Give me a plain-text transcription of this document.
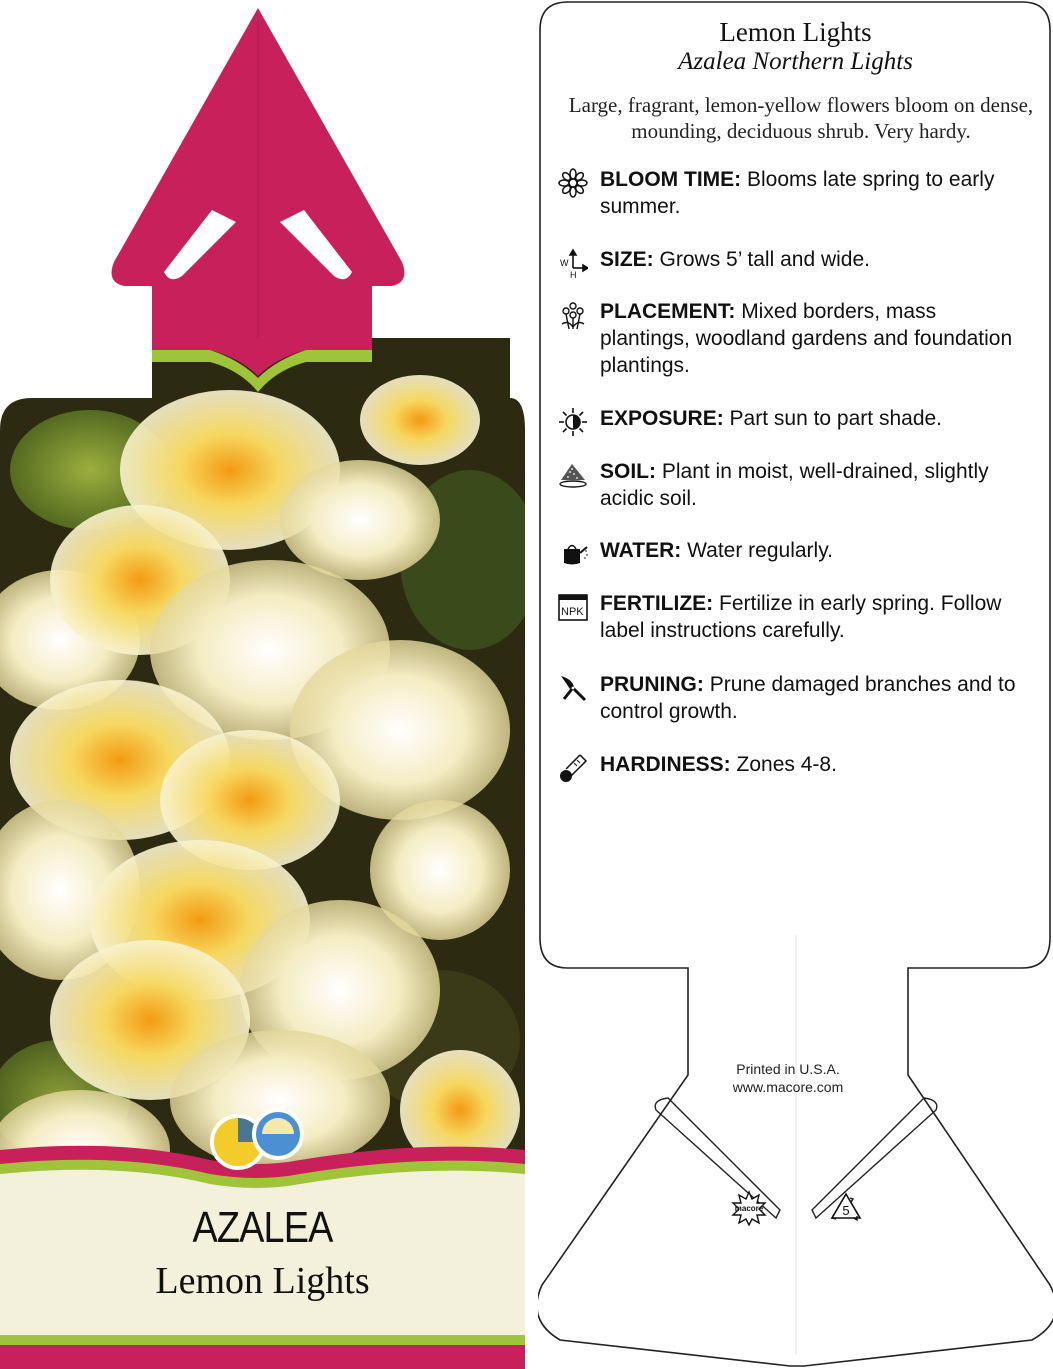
AZALEA
Lemon Lights
Lemon Lights
Azalea Northern Lights
Large, fragrant, lemon-yellow flowers bloom on dense, mounding, deciduous shrub. Very hardy.
BLOOM TIME: Blooms late spring to early summer.
W
H
SIZE: Grows 5’ tall and wide.
PLACEMENT: Mixed borders, mass plantings, woodland gardens and foundation plantings.
EXPOSURE: Part sun to part shade.
SOIL: Plant in moist, well-drained, slightly acidic soil.
WATER: Water regularly.
NPK FERTILIZE: Fertilize in early spring. Follow label instructions carefully.
PRUNING: Prune damaged branches and to control growth.
HARDINESS: Zones 4-8.
Printed in U.S.A.
www.macore.com
macore	5
